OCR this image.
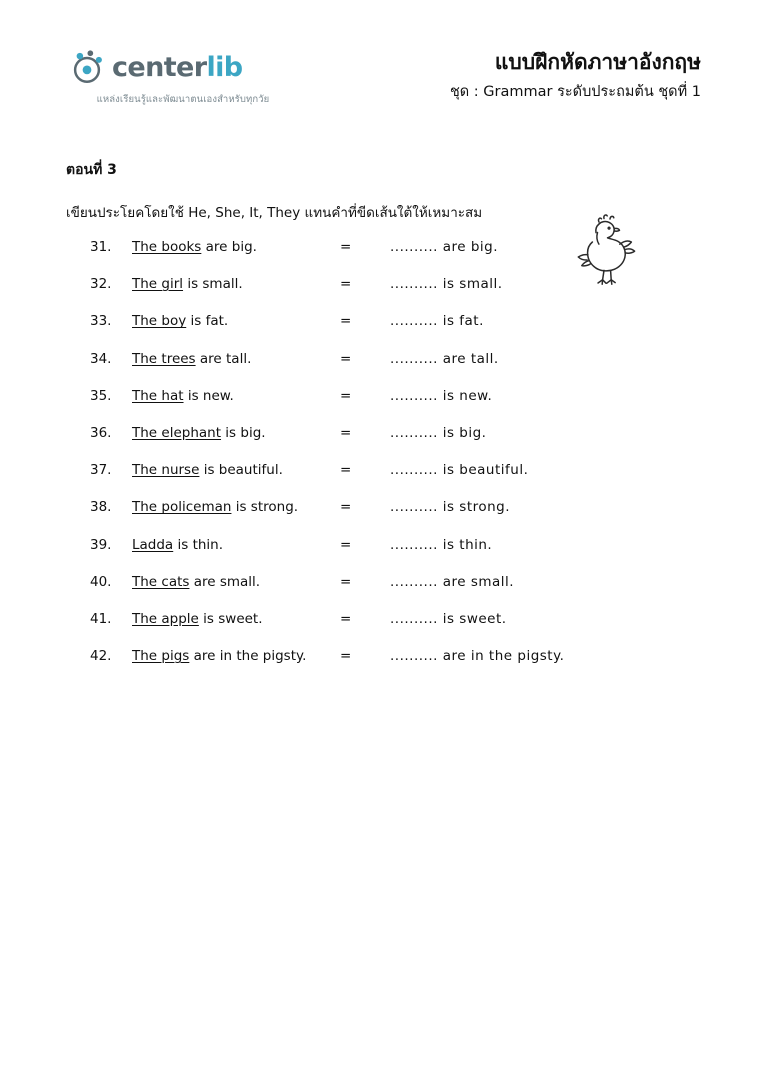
centerlib
แหล่งเรียนรู้และพัฒนาตนเองสำหรับทุกวัย
แบบฝึกหัดภาษาอังกฤษ
ชุด : Grammar ระดับประถมต้น ชุดที่ 1
ตอนที่ 3
เขียนประโยคโดยใช้ He, She, It, They แทนคำที่ขีดเส้นใต้ให้เหมาะสม
31.	The books are big.	=	.......... are big.
32.	The girl is small.	=	.......... is small.
33.	The boy is fat.	=	.......... is fat.
34.	The trees are tall.	=	.......... are tall.
35.	The hat is new.	=	.......... is new.
36.	The elephant is big.	=	.......... is big.
37.	The nurse is beautiful.	=	.......... is beautiful.
38.	The policeman is strong.	=	.......... is strong.
39.	Ladda is thin.	=	.......... is thin.
40.	The cats are small.	=	.......... are small.
41.	The apple is sweet.	=	.......... is sweet.
42.	The pigs are in the pigsty.	=	.......... are in the pigsty.
